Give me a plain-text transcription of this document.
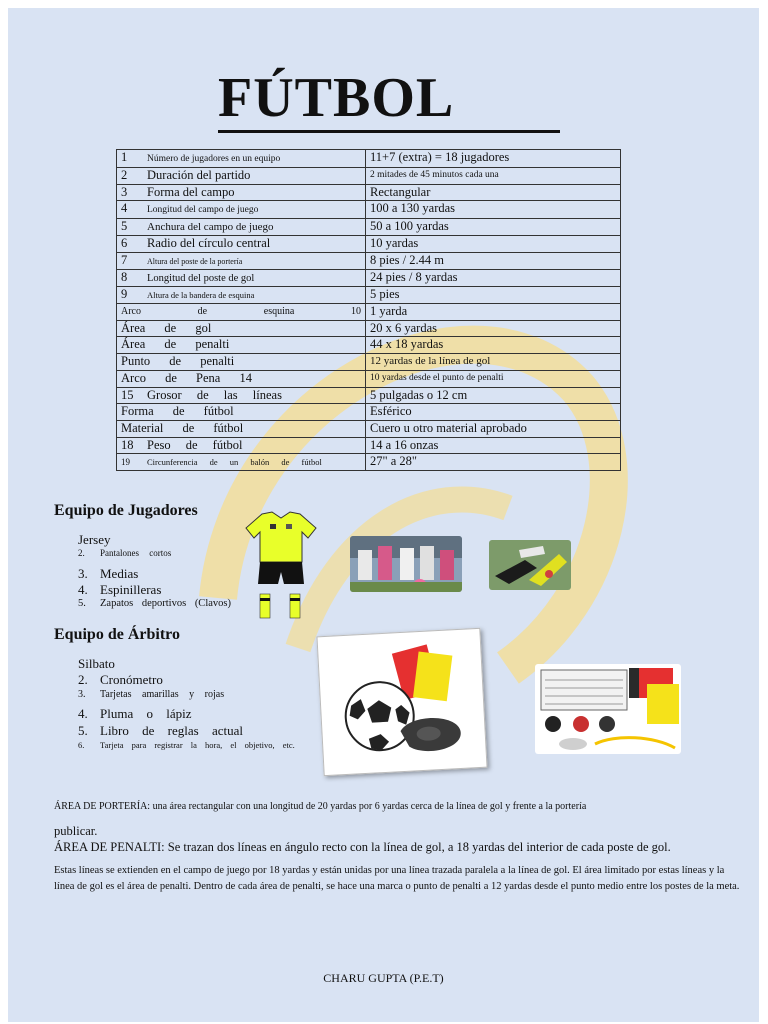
FÚTBOL
1 Número de jugadores en un equipo	11+7 (extra) = 18 jugadores
2 Duración del partido	2 mitades de 45 minutos cada una
3 Forma del campo	Rectangular
4 Longitud del campo de juego	100 a 130 yardas
5 Anchura del campo de juego	50 a 100 yardas
6 Radio del círculo central	10 yardas
7 Altura del poste de la portería	8 pies / 2.44 m
8 Longitud del poste de gol	24 pies / 8 yardas
9 Altura de la bandera de esquina	5 pies
Arco de esquina 10	1 yarda
Área de gol	20 x 6 yardas
Área de penalti	44 x 18 yardas
Punto de penalti	12 yardas de la línea de gol
Arco de Pena 14	10 yardas desde el punto de penalti
15 Grosor de las líneas	5 pulgadas o 12 cm
Forma de fútbol	Esférico
Material de fútbol	Cuero u otro material aprobado
18 Peso de fútbol	14 a 16 onzas
19 Circunferencia de un balón de fútbol	27" a 28"
Equipo de Jugadores
Jersey
2. Pantalones cortos
3. Medias
4. Espinilleras
5. Zapatos deportivos (Clavos)
Equipo de Árbitro
Silbato
2. Cronómetro
3. Tarjetas amarillas y rojas
4. Pluma o lápiz
5. Libro de reglas actual
6. Tarjeta para registrar la hora, el objetivo, etc.
ÁREA DE PORTERÍA: una área rectangular con una longitud de 20 yardas por 6 yardas cerca de la línea de gol y frente a la portería
publicar.
ÁREA DE PENALTI: Se trazan dos líneas en ángulo recto con la línea de gol, a 18 yardas del interior de cada poste de gol.
Estas líneas se extienden en el campo de juego por 18 yardas y están unidas por una línea trazada paralela a la línea de gol. El área limitado por estas líneas y la línea de gol es el área de penalti. Dentro de cada área de penalti, se hace una marca o punto de penalti a 12 yardas desde el punto medio entre los postes de la meta.
CHARU GUPTA (P.E.T)
